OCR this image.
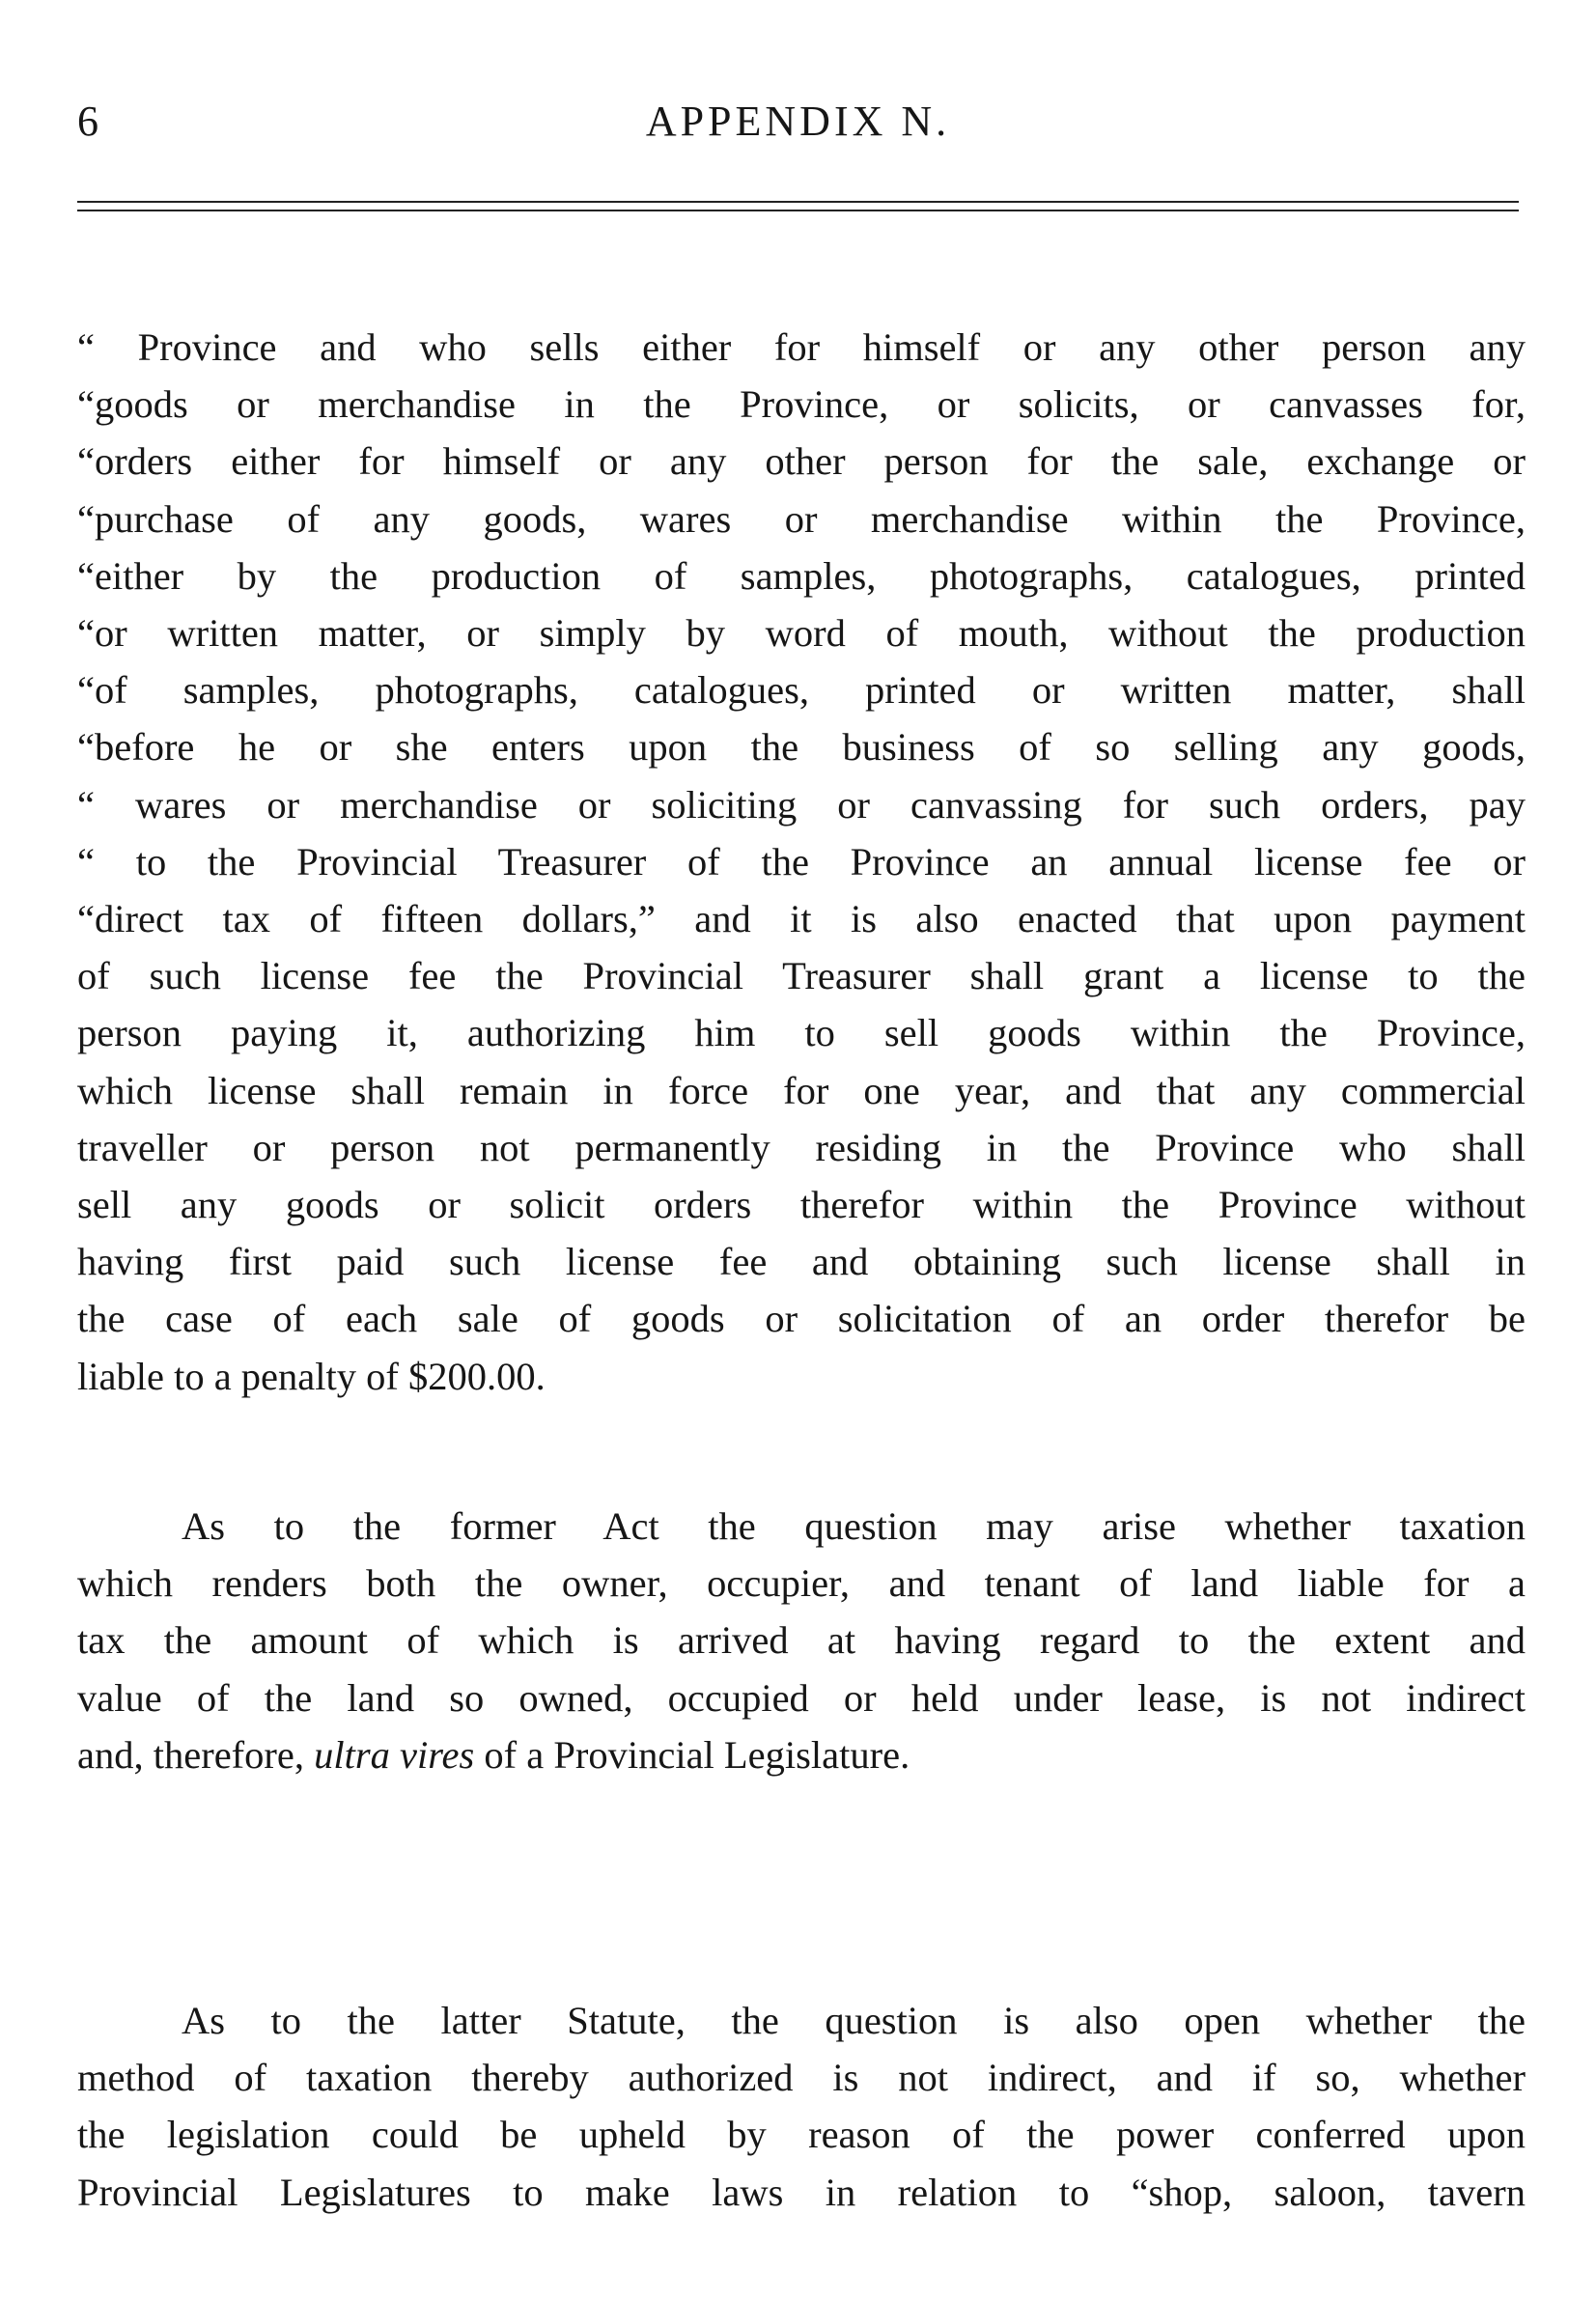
6	APPENDIX N.
“ Province and who sells either for himself or any other person any
“goods or merchandise in the Province, or solicits, or canvasses for,
“orders either for himself or any other person for the sale, exchange or
“purchase of any goods, wares or merchandise within the Province,
“either by the production of samples, photographs, catalogues, printed
“or written matter, or simply by word of mouth, without the production
“of samples, photographs, catalogues, printed or written matter, shall
“before he or she enters upon the business of so selling any goods,
“ wares or merchandise or soliciting or canvassing for such orders, pay
“ to the Provincial Treasurer of the Province an annual license fee or
“direct tax of fifteen dollars,” and it is also enacted that upon payment
of such license fee the Provincial Treasurer shall grant a license to the
person paying it, authorizing him to sell goods within the Province,
which license shall remain in force for one year, and that any commercial
traveller or person not permanently residing in the Province who shall
sell any goods or solicit orders therefor within the Province without
having first paid such license fee and obtaining such license shall in
the case of each sale of goods or solicitation of an order therefor be
liable to a penalty of $200.00.
As to the former Act the question may arise whether taxation
which renders both the owner, occupier, and tenant of land liable for a
tax the amount of which is arrived at having regard to the extent and
value of the land so owned, occupied or held under lease, is not indirect
and, therefore, ultra vires of a Provincial Legislature.
As to the latter Statute, the question is also open whether the
method of taxation thereby authorized is not indirect, and if so, whether
the legislation could be upheld by reason of the power conferred upon
Provincial Legislatures to make laws in relation to “shop, saloon, tavern
